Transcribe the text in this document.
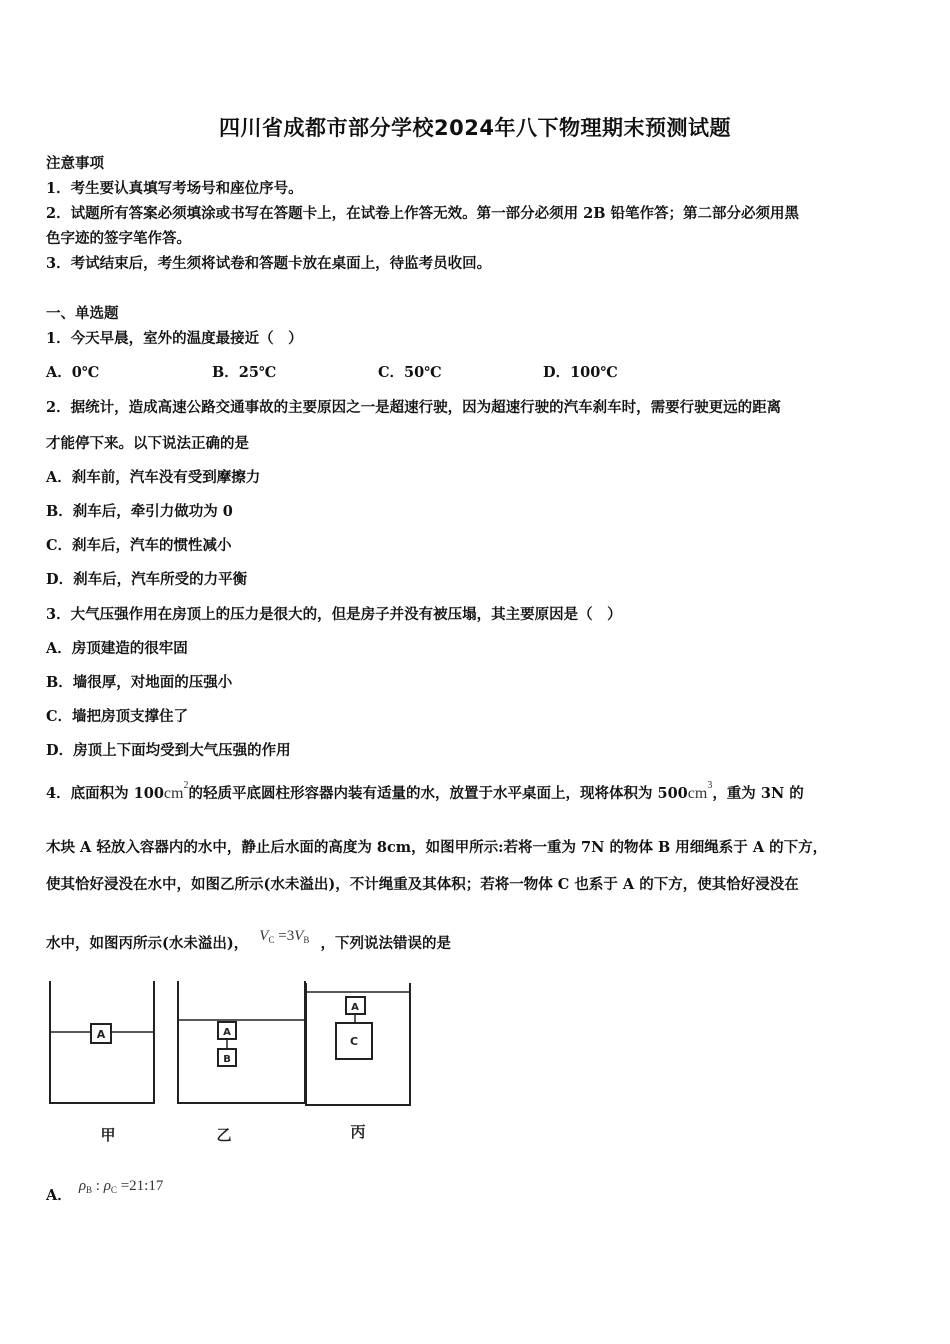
四川省成都市部分学校2024年八下物理期末预测试题
注意事项
1．考生要认真填写考场号和座位序号。
2．试题所有答案必须填涂或书写在答题卡上，在试卷上作答无效。第一部分必须用 2B 铅笔作答；第二部分必须用黑
色字迹的签字笔作答。
3．考试结束后，考生须将试卷和答题卡放在桌面上，待监考员收回。
一、单选题
1．今天早晨，室外的温度最接近（　）
A．0℃	B．25℃	C．50℃	D．100℃
2．据统计，造成高速公路交通事故的主要原因之一是超速行驶，因为超速行驶的汽车刹车时，需要行驶更远的距离
才能停下来。以下说法正确的是
A．刹车前，汽车没有受到摩擦力
B．刹车后，牵引力做功为 0
C．刹车后，汽车的惯性减小
D．刹车后，汽车所受的力平衡
3．大气压强作用在房顶上的压力是很大的，但是房子并没有被压塌，其主要原因是（　）
A．房顶建造的很牢固
B．墙很厚，对地面的压强小
C．墙把房顶支撑住了
D．房顶上下面均受到大气压强的作用
4．底面积为 $100cm^2$的轻质平底圆柱形容器内装有适量的水，放置于水平桌面上，现将体积为 $500cm^3$，重为 3N 的
木块 A 轻放入容器内的水中，静止后水面的高度为 8cm，如图甲所示:若将一重为 7N 的物体 B 用细绳系于 A 的下方，
使其恰好浸没在水中，如图乙所示(水未溢出)，不计绳重及其体积；若将一物体 C 也系于 A 的下方，使其恰好浸没在
水中，如图丙所示(水未溢出)， $V_C =3V_B$ ，下列说法错误的是
A	A
B
A
C
甲	乙	丙
A． $\rho_B$ : $\rho_C$ =21:17
